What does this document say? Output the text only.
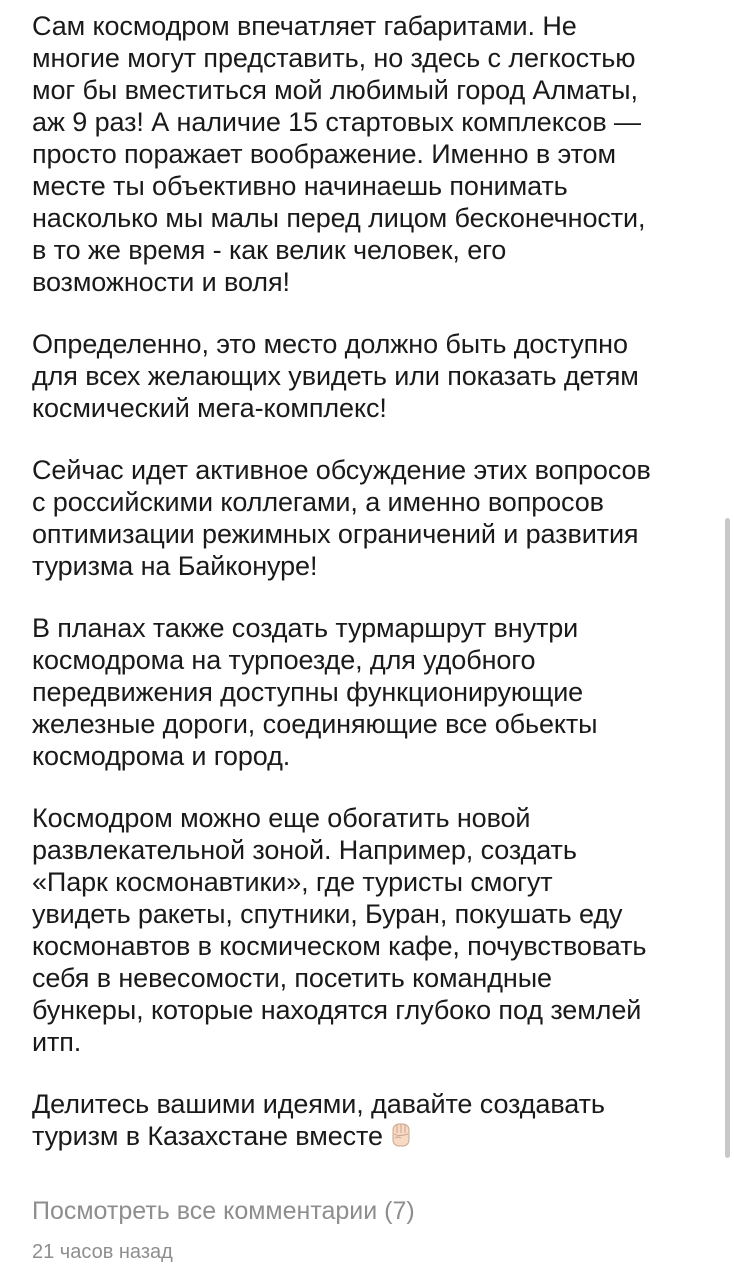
Сам космодром впечатляет габаритами. Не
многие могут представить, но здесь с легкостью
мог бы вместиться мой любимый город Алматы,
аж 9 раз! А наличие 15 стартовых комплексов —
просто поражает воображение. Именно в этом
месте ты объективно начинаешь понимать
насколько мы малы перед лицом бесконечности,
в то же время - как велик человек, его
возможности и воля!

Определенно, это место должно быть доступно
для всех желающих увидеть или показать детям
космический мега-комплекс!

Сейчас идет активное обсуждение этих вопросов
с российскими коллегами, а именно вопросов
оптимизации режимных ограничений и развития
туризма на Байконуре!

В планах также создать турмаршрут внутри
космодрома на турпоезде, для удобного
передвижения доступны функционирующие
железные дороги, соединяющие все обьекты
космодрома и город.

Космодром можно еще обогатить новой
развлекательной зоной. Например, создать
«Парк космонавтики», где туристы смогут
увидеть ракеты, спутники, Буран, покушать еду
космонавтов в космическом кафе, почувствовать
себя в невесомости, посетить командные
бункеры, которые находятся глубоко под землей
итп.

Делитесь вашими идеями, давайте создавать
туризм в Казахстане вместе

Посмотреть все комментарии (7)
21 часов назад
